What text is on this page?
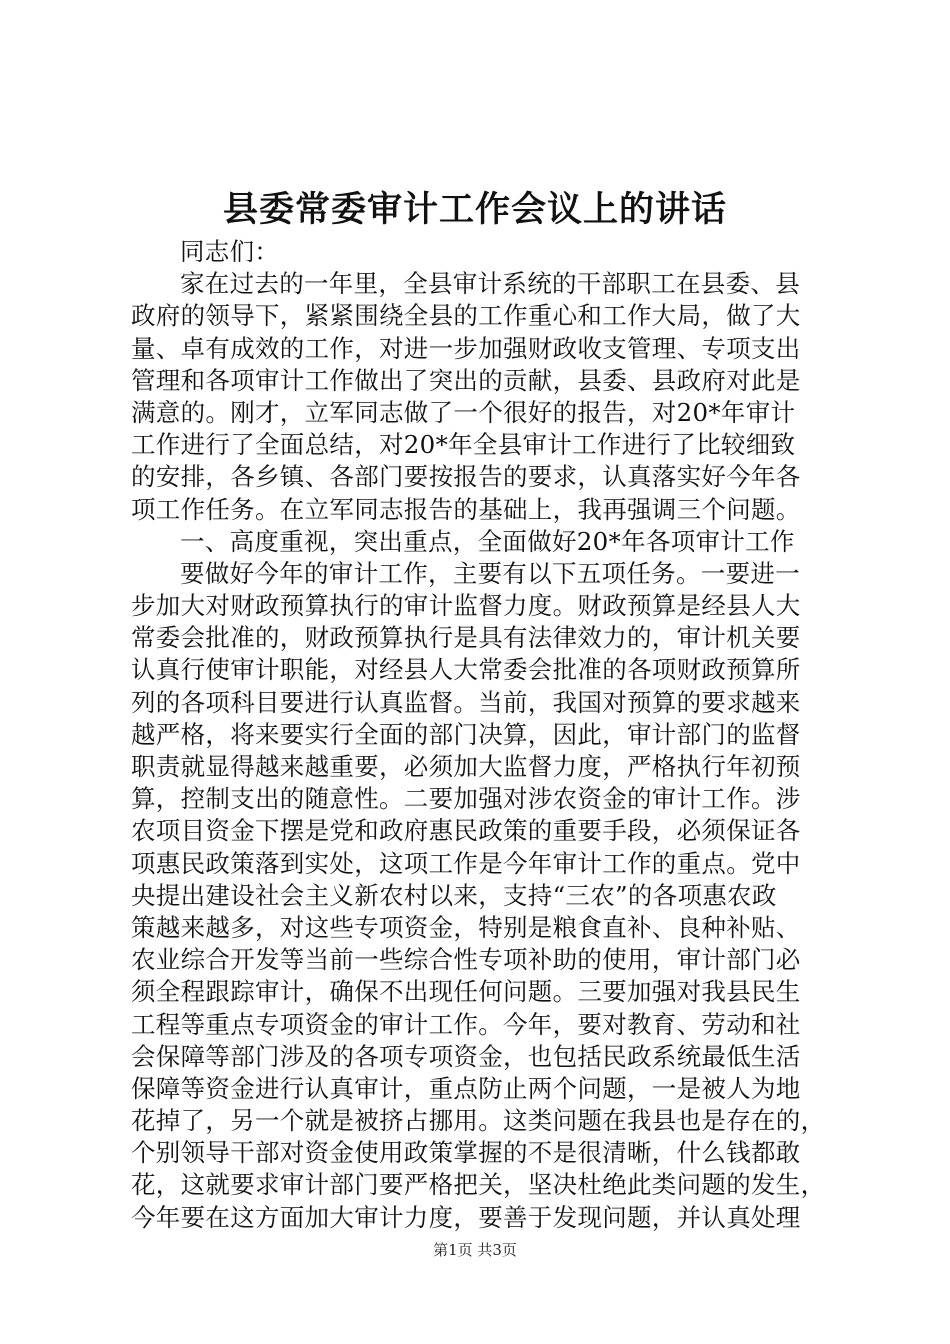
县委常委审计工作会议上的讲话
同志们：
家在过去的一年里，全县审计系统的干部职工在县委、县
政府的领导下，紧紧围绕全县的工作重心和工作大局，做了大
量、卓有成效的工作，对进一步加强财政收支管理、专项支出
管理和各项审计工作做出了突出的贡献，县委、县政府对此是
满意的。刚才，立军同志做了一个很好的报告，对20*年审计
工作进行了全面总结，对20*年全县审计工作进行了比较细致
的安排，各乡镇、各部门要按报告的要求，认真落实好今年各
项工作任务。在立军同志报告的基础上，我再强调三个问题。
一、高度重视，突出重点，全面做好20*年各项审计工作
要做好今年的审计工作，主要有以下五项任务。一要进一
步加大对财政预算执行的审计监督力度。财政预算是经县人大
常委会批准的，财政预算执行是具有法律效力的，审计机关要
认真行使审计职能，对经县人大常委会批准的各项财政预算所
列的各项科目要进行认真监督。当前，我国对预算的要求越来
越严格，将来要实行全面的部门决算，因此，审计部门的监督
职责就显得越来越重要，必须加大监督力度，严格执行年初预
算，控制支出的随意性。二要加强对涉农资金的审计工作。涉
农项目资金下摆是党和政府惠民政策的重要手段，必须保证各
项惠民政策落到实处，这项工作是今年审计工作的重点。党中
央提出建设社会主义新农村以来，支持“三农”的各项惠农政
策越来越多，对这些专项资金，特别是粮食直补、良种补贴、
农业综合开发等当前一些综合性专项补助的使用，审计部门必
须全程跟踪审计，确保不出现任何问题。三要加强对我县民生
工程等重点专项资金的审计工作。今年，要对教育、劳动和社
会保障等部门涉及的各项专项资金，也包括民政系统最低生活
保障等资金进行认真审计，重点防止两个问题，一是被人为地
花掉了，另一个就是被挤占挪用。这类问题在我县也是存在的，
个别领导干部对资金使用政策掌握的不是很清晰，什么钱都敢
花，这就要求审计部门要严格把关，坚决杜绝此类问题的发生，
今年要在这方面加大审计力度，要善于发现问题，并认真处理
第1页 共3页
